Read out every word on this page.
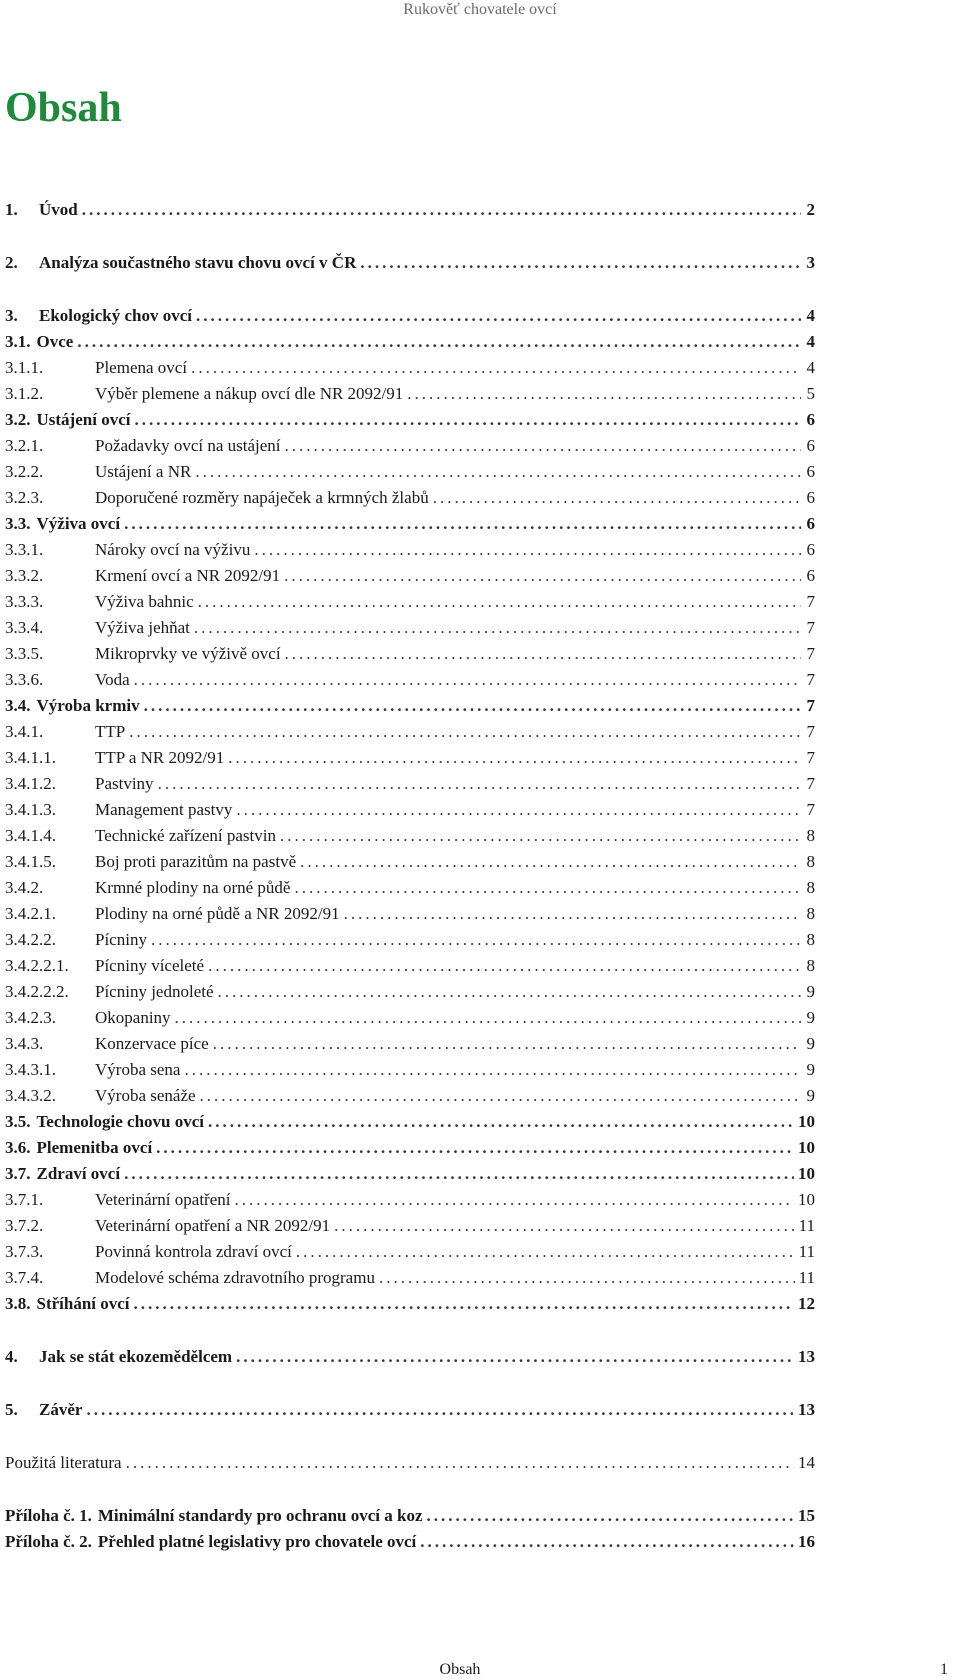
Rukověť chovatele ovcí
Obsah
1.	Úvod .....	2
2.	Analýza součastného stavu chovu ovcí v ČR .....	3
3.	Ekologický chov ovcí .....	4
3.1. Ovce .....	4
3.1.1.	Plemena ovcí .....	4
3.1.2.	Výběr plemene a nákup ovcí dle NR 2092/91 .....	5
3.2. Ustájení ovcí .....	6
3.2.1.	Požadavky ovcí na ustájení .....	6
3.2.2.	Ustájení a NR .....	6
3.2.3.	Doporučené rozměry napáječek a krmných žlabů .....	6
3.3. Výživa ovcí .....	6
3.3.1.	Nároky ovcí na výživu .....	6
3.3.2.	Krmení ovcí a NR 2092/91 .....	6
3.3.3.	Výživa bahnic .....	7
3.3.4.	Výživa jehňat .....	7
3.3.5.	Mikroprvky ve výživě ovcí .....	7
3.3.6.	Voda .....	7
3.4. Výroba krmiv .....	7
3.4.1.	TTP .....	7
3.4.1.1.	TTP a NR 2092/91 .....	7
3.4.1.2.	Pastviny .....	7
3.4.1.3.	Management pastvy .....	7
3.4.1.4.	Technické zařízení pastvin .....	8
3.4.1.5.	Boj proti parazitům na pastvě .....	8
3.4.2.	Krmné plodiny na orné půdě .....	8
3.4.2.1.	Plodiny na orné půdě a NR 2092/91 .....	8
3.4.2.2.	Pícniny .....	8
3.4.2.2.1.	Pícniny víceleté .....	8
3.4.2.2.2.	Pícniny jednoleté .....	9
3.4.2.3.	Okopaniny .....	9
3.4.3.	Konzervace píce .....	9
3.4.3.1.	Výroba sena .....	9
3.4.3.2.	Výroba senáže .....	9
3.5. Technologie chovu ovcí .....	10
3.6. Plemenitba ovcí .....	10
3.7. Zdraví ovcí .....	10
3.7.1.	Veterinární opatření .....	10
3.7.2.	Veterinární opatření a NR 2092/91 .....	11
3.7.3.	Povinná kontrola zdraví ovcí .....	11
3.7.4.	Modelové schéma zdravotního programu .....	11
3.8. Stříhání ovcí .....	12
4.	Jak se stát ekozemědělcem .....	13
5.	Závěr .....	13
Použitá literatura .....	14
Příloha č. 1. Minimální standardy pro ochranu ovcí a koz .....	15
Příloha č. 2. Přehled platné legislativy pro chovatele ovcí .....	16
Obsah	1
